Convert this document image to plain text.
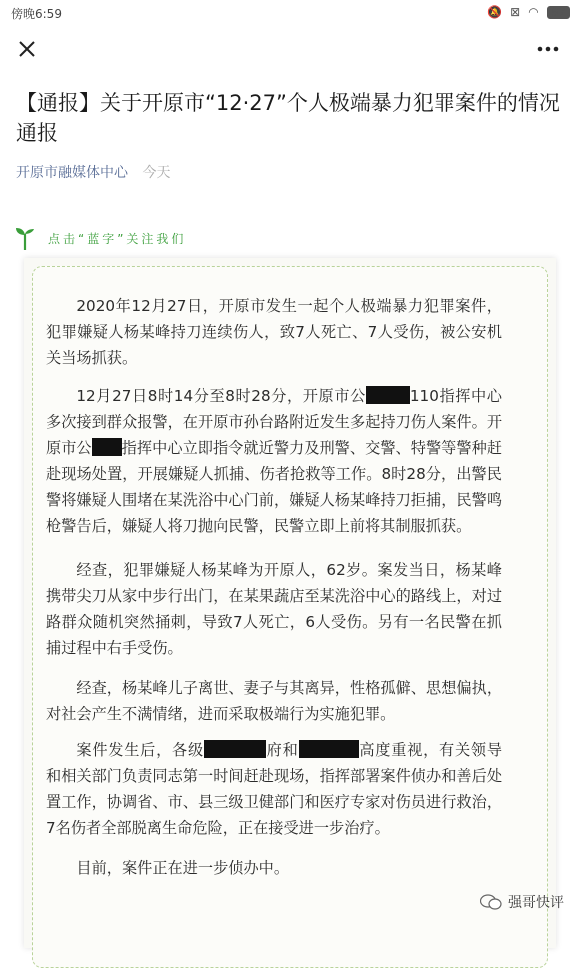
傍晚6:59	🔕 ⊠ ◠	97
【通报】关于开原市“12·27”个人极端暴力犯罪案件的情况通报
开原市融媒体中心 今天
点击“蓝字”关注我们
2020年12月27日，开原市发生一起个人极端暴力犯罪案件，犯罪嫌疑人杨某峰持刀连续伤人，致7人死亡、7人受伤，被公安机关当场抓获。
12月27日8时14分至8时28分，开原市公	110指挥中心多次接到群众报警，在开原市孙台路附近发生多起持刀伤人案件。开原市公 指挥中心立即指令就近警力及刑警、交警、特警等警种赶赴现场处置，开展嫌疑人抓捕、伤者抢救等工作。8时28分，出警民警将嫌疑人围堵在某洗浴中心门前，嫌疑人杨某峰持刀拒捕，民警鸣枪警告后，嫌疑人将刀抛向民警，民警立即上前将其制服抓获。
经查，犯罪嫌疑人杨某峰为开原人，62岁。案发当日，杨某峰携带尖刀从家中步行出门，在某果蔬店至某洗浴中心的路线上，对过路群众随机突然捅刺，导致7人死亡，6人受伤。另有一名民警在抓捕过程中右手受伤。
经查，杨某峰儿子离世、妻子与其离异，性格孤僻、思想偏执，对社会产生不满情绪，进而采取极端行为实施犯罪。
案件发生后，各级	府和	高度重视，有关领导和相关部门负责同志第一时间赶赴现场，指挥部署案件侦办和善后处置工作，协调省、市、县三级卫健部门和医疗专家对伤员进行救治，7名伤者全部脱离生命危险，正在接受进一步治疗。
目前，案件正在进一步侦办中。
强哥快评
